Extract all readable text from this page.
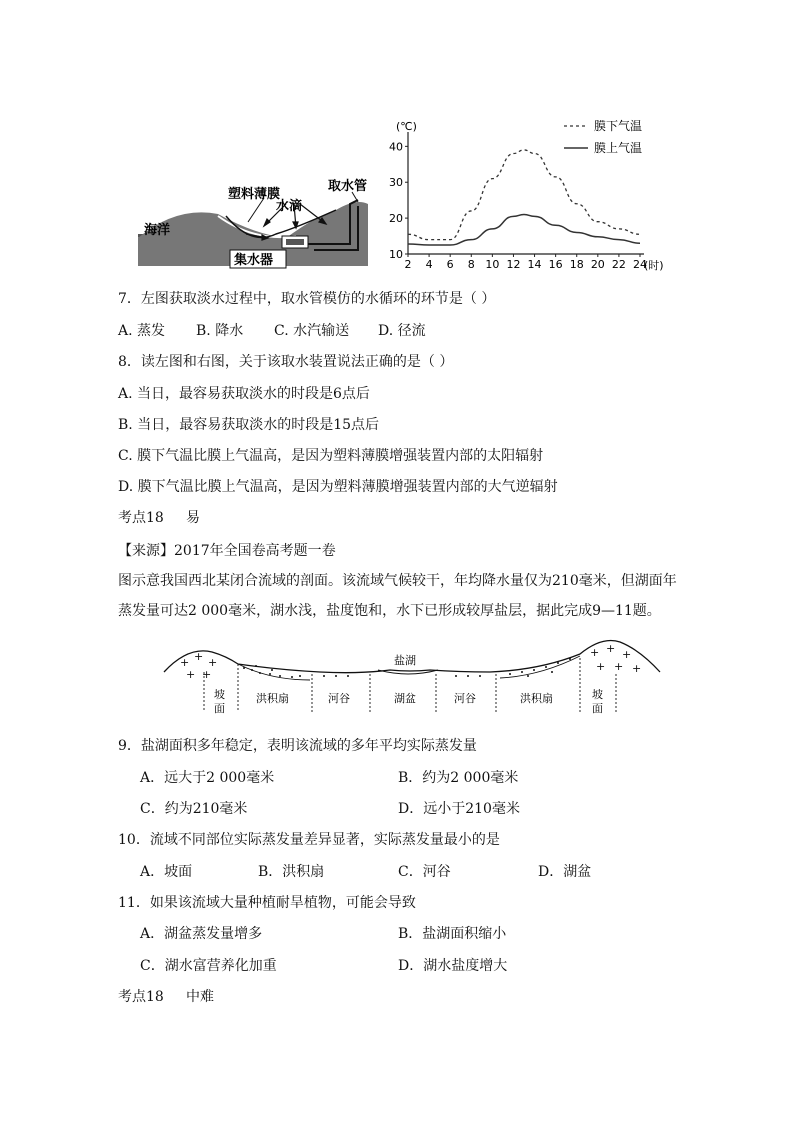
海洋
塑料薄膜
水滴
取水管
集水器
(℃)
10
20
30
40
2 4 6 8 10 12 14 16 18 20 22 24
(时)
膜下气温
膜上气温
7．左图获取淡水过程中，取水管模仿的水循环的环节是（ ）
A. 蒸发 B. 降水 C. 水汽输送 D. 径流
8．读左图和右图，关于该取水装置说法正确的是（ ）
A. 当日，最容易获取淡水的时段是6点后
B. 当日，最容易获取淡水的时段是15点后
C. 膜下气温比膜上气温高，是因为塑料薄膜增强装置内部的太阳辐射
D. 膜下气温比膜上气温高，是因为塑料薄膜增强装置内部的大气逆辐射
考点18 易
【来源】2017年全国卷高考题一卷
图示意我国西北某闭合流域的剖面。该流域气候较干，年均降水量仅为210毫米，但湖面年
蒸发量可达2 000毫米，湖水浅，盐度饱和，水下已形成较厚盐层，据此完成9—11题。
盐湖
+ + +
+ +
+ + +
+ + +
坡
面
坡
面
洪积扇	河谷	湖盆	河谷	洪积扇
9．盐湖面积多年稳定，表明该流域的多年平均实际蒸发量
A．远大于2 000毫米	B．约为2 000毫米
C．约为210毫米	D．远小于210毫米
10．流域不同部位实际蒸发量差异显著，实际蒸发量最小的是
A．坡面	B．洪积扇	C．河谷	D．湖盆
11．如果该流域大量种植耐旱植物，可能会导致
A．湖盆蒸发量增多	B．盐湖面积缩小
C．湖水富营养化加重	D．湖水盐度增大
考点18 中难
